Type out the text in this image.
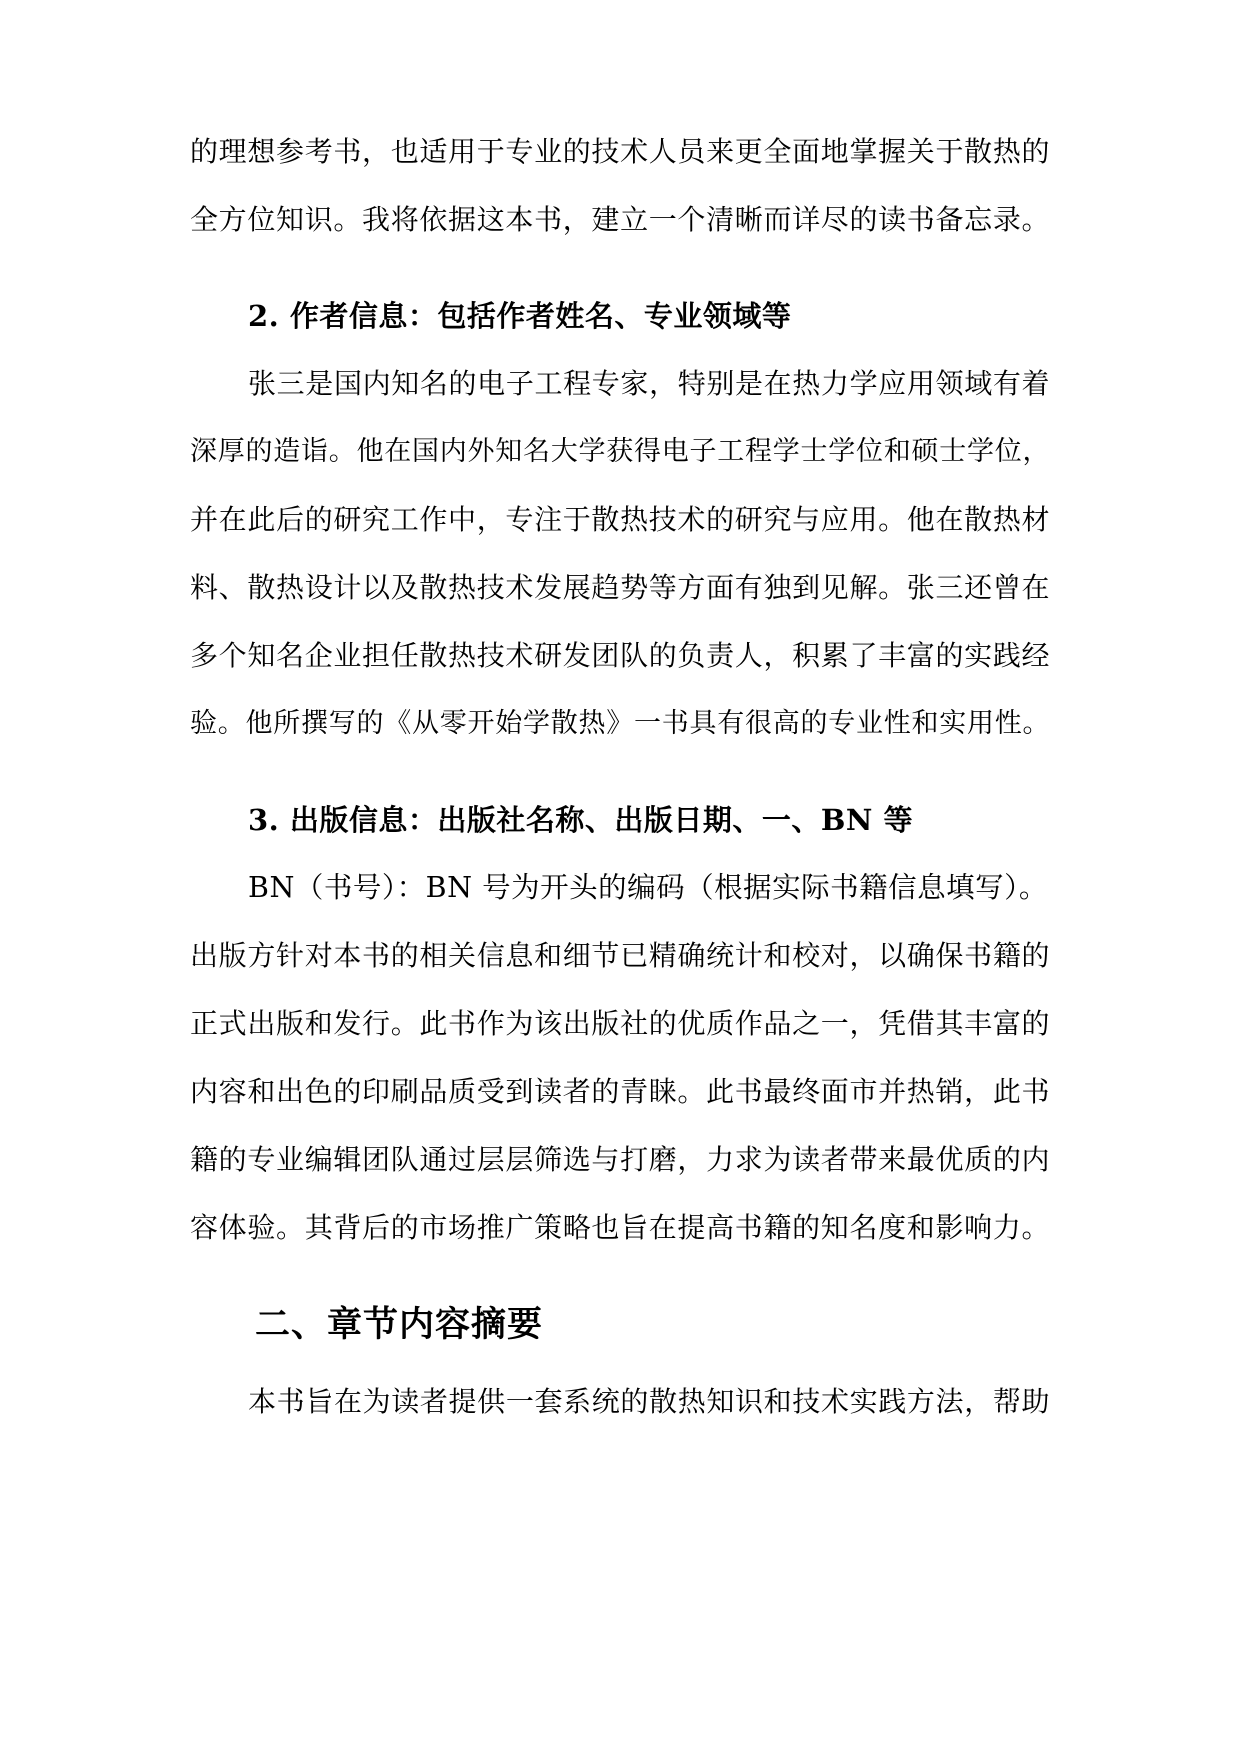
的理想参考书，也适用于专业的技术人员来更全面地掌握关于散热的
全方位知识。我将依据这本书，建立一个清晰而详尽的读书备忘录。
2. 作者信息：包括作者姓名、专业领域等
张三是国内知名的电子工程专家，特别是在热力学应用领域有着
深厚的造诣。他在国内外知名大学获得电子工程学士学位和硕士学位，
并在此后的研究工作中，专注于散热技术的研究与应用。他在散热材
料、散热设计以及散热技术发展趋势等方面有独到见解。张三还曾在
多个知名企业担任散热技术研发团队的负责人，积累了丰富的实践经
验。他所撰写的《从零开始学散热》一书具有很高的专业性和实用性。
3. 出版信息：出版社名称、出版日期、一、BN 等
BN（书号）：BN 号为开头的编码（根据实际书籍信息填写）。
出版方针对本书的相关信息和细节已精确统计和校对，以确保书籍的
正式出版和发行。此书作为该出版社的优质作品之一，凭借其丰富的
内容和出色的印刷品质受到读者的青睐。此书最终面市并热销，此书
籍的专业编辑团队通过层层筛选与打磨，力求为读者带来最优质的内
容体验。其背后的市场推广策略也旨在提高书籍的知名度和影响力。
二、章节内容摘要
本书旨在为读者提供一套系统的散热知识和技术实践方法，帮助
